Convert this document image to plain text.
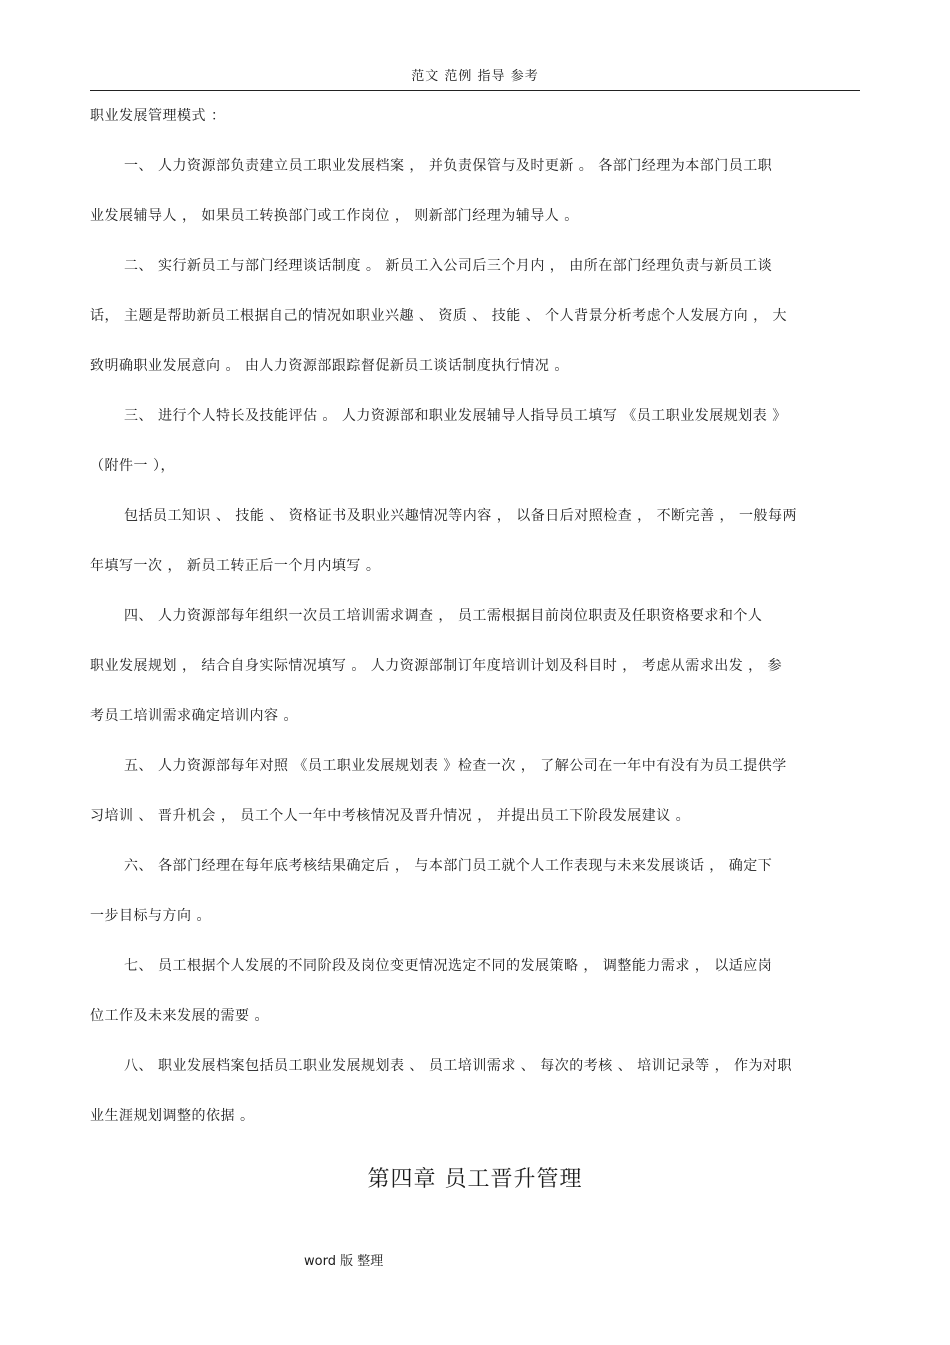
范文 范例 指导 参考
职业发展管理模式 ：
一、 人力资源部负责建立员工职业发展档案 ， 并负责保管与及时更新 。 各部门经理为本部门员工职
业发展辅导人 ， 如果员工转换部门或工作岗位 ， 则新部门经理为辅导人 。
二、 实行新员工与部门经理谈话制度 。 新员工入公司后三个月内 ， 由所在部门经理负责与新员工谈
话， 主题是帮助新员工根据自己的情况如职业兴趣 、 资质 、 技能 、 个人背景分析考虑个人发展方向 ， 大
致明确职业发展意向 。 由人力资源部跟踪督促新员工谈话制度执行情况 。
三、 进行个人特长及技能评估 。 人力资源部和职业发展辅导人指导员工填写 《员工职业发展规划表 》
（附件一 ），
包括员工知识 、 技能 、 资格证书及职业兴趣情况等内容 ， 以备日后对照检查 ， 不断完善 ， 一般每两
年填写一次 ， 新员工转正后一个月内填写 。
四、 人力资源部每年组织一次员工培训需求调查 ， 员工需根据目前岗位职责及任职资格要求和个人
职业发展规划 ， 结合自身实际情况填写 。 人力资源部制订年度培训计划及科目时 ， 考虑从需求出发 ， 参
考员工培训需求确定培训内容 。
五、 人力资源部每年对照 《员工职业发展规划表 》检查一次 ， 了解公司在一年中有没有为员工提供学
习培训 、 晋升机会 ， 员工个人一年中考核情况及晋升情况 ， 并提出员工下阶段发展建议 。
六、 各部门经理在每年底考核结果确定后 ， 与本部门员工就个人工作表现与未来发展谈话 ， 确定下
一步目标与方向 。
七、 员工根据个人发展的不同阶段及岗位变更情况选定不同的发展策略 ， 调整能力需求 ， 以适应岗
位工作及未来发展的需要 。
八、 职业发展档案包括员工职业发展规划表 、 员工培训需求 、 每次的考核 、 培训记录等 ， 作为对职
业生涯规划调整的依据 。
第四章 员工晋升管理
word 版 整理
